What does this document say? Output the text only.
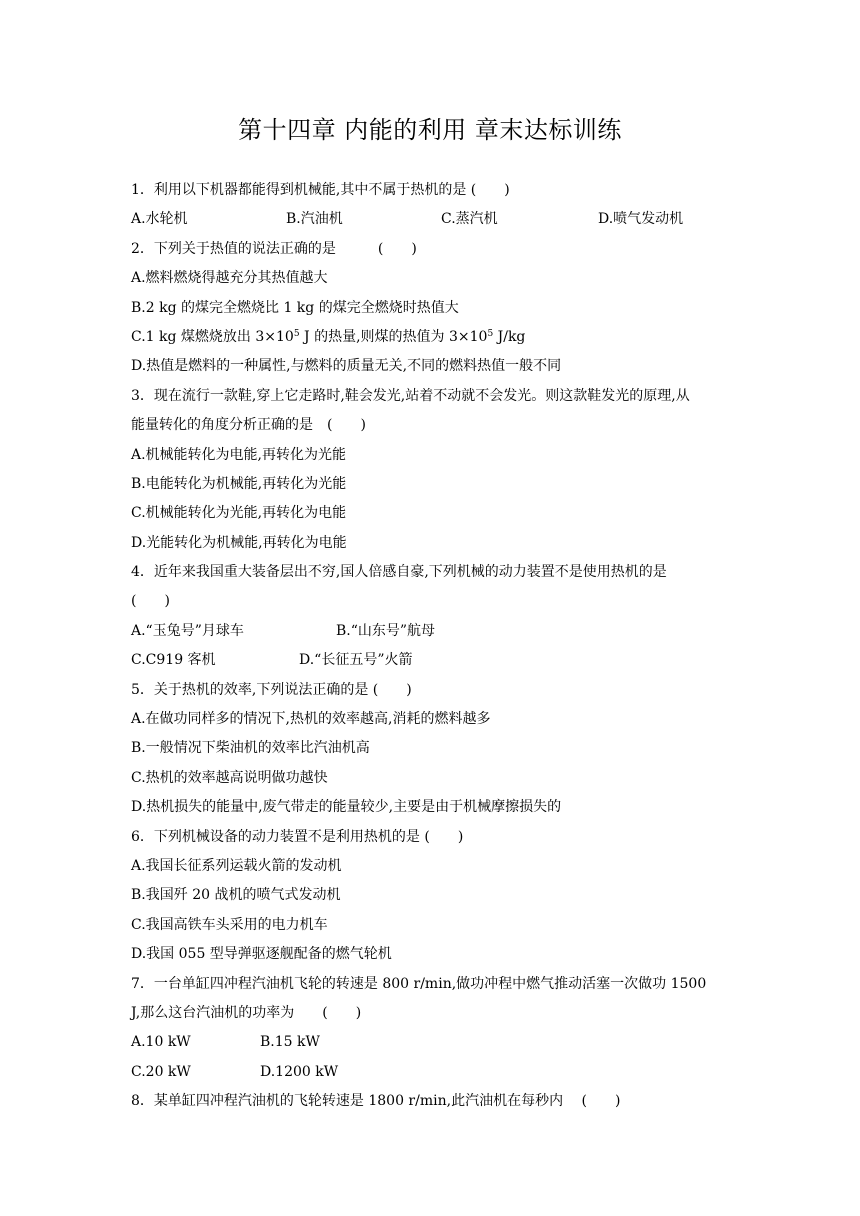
第十四章 内能的利用 章末达标训练
1．利用以下机器都能得到机械能,其中不属于热机的是 (　　)
A.水轮机	B.汽油机	C.蒸汽机	D.喷气发动机
2．下列关于热值的说法正确的是　　　(　　)
A.燃料燃烧得越充分其热值越大
B.2 kg 的煤完全燃烧比 1 kg 的煤完全燃烧时热值大
C.1 kg 煤燃烧放出 $3\times 10^5$ J 的热量,则煤的热值为 $3\times 10^5$ J/kg
D.热值是燃料的一种属性,与燃料的质量无关,不同的燃料热值一般不同
3．现在流行一款鞋,穿上它走路时,鞋会发光,站着不动就不会发光。则这款鞋发光的原理,从
能量转化的角度分析正确的是　(　　)
A.机械能转化为电能,再转化为光能
B.电能转化为机械能,再转化为光能
C.机械能转化为光能,再转化为电能
D.光能转化为机械能,再转化为电能
4．近年来我国重大装备层出不穷,国人倍感自豪,下列机械的动力装置不是使用热机的是
(　　)
A.“玉兔号”月球车	B.“山东号”航母
C.C919 客机	D.“长征五号”火箭
5．关于热机的效率,下列说法正确的是 (　　)
A.在做功同样多的情况下,热机的效率越高,消耗的燃料越多
B.一般情况下柴油机的效率比汽油机高
C.热机的效率越高说明做功越快
D.热机损失的能量中,废气带走的能量较少,主要是由于机械摩擦损失的
6．下列机械设备的动力装置不是利用热机的是 (　　)
A.我国长征系列运载火箭的发动机
B.我国歼 20 战机的喷气式发动机
C.我国高铁车头采用的电力机车
D.我国 055 型导弹驱逐舰配备的燃气轮机
7．一台单缸四冲程汽油机飞轮的转速是 800 r/min,做功冲程中燃气推动活塞一次做功 1500
J,那么这台汽油机的功率为　　(　　)
A.10 kW	B.15 kW
C.20 kW	D.1200 kW
8．某单缸四冲程汽油机的飞轮转速是 1800 r/min,此汽油机在每秒内　 (　　)
